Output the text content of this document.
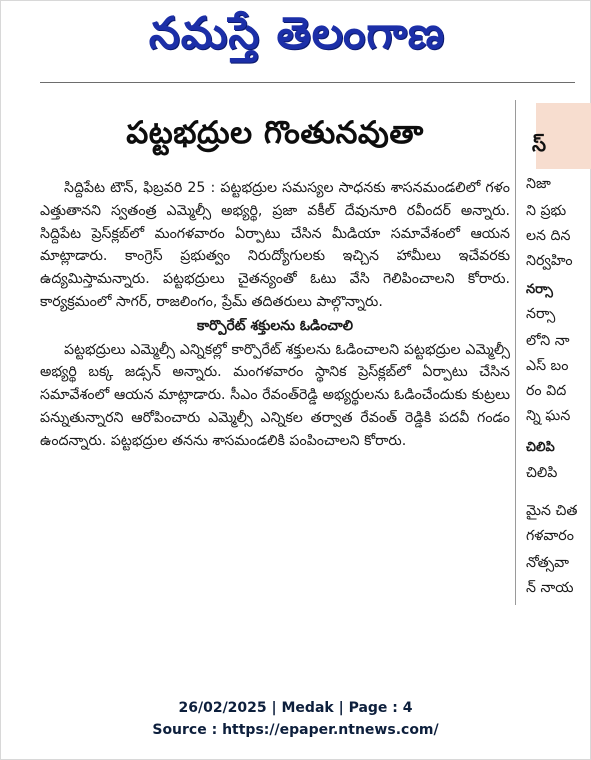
నమస్తే తెలంగాణ
పట్టభద్రుల గొంతునవుతా

సిద్దిపేట టౌన్, ఫిబ్రవరి 25 : పట్టభద్రుల సమస్యల సాధనకు శాసనమండలిలో గళం ఎత్తుతానని స్వతంత్ర ఎమ్మెల్సీ అభ్యర్థి, ప్రజా వకీల్ దేవునూరి రవీందర్ అన్నారు. సిద్దిపేట ప్రెస్‌క్లబ్‌లో మంగళవారం ఏర్పాటు చేసిన మీడియా సమావేశంలో ఆయన మాట్లాడారు. కాంగ్రెస్ ప్రభుత్వం నిరుద్యోగులకు ఇచ్చిన హామీలు ఇచేవరకు ఉద్యమిస్తామన్నారు. పట్టభద్రులు చైతన్యంతో ఓటు వేసి గెలిపించాలని కోరారు. కార్యక్రమంలో సాగర్, రాజలింగం, ప్రేమ్ తదితరులు పాల్గొన్నారు.

కార్పొరేట్ శక్తులను ఓడించాలి

పట్టభద్రులు ఎమ్మెల్సీ ఎన్నికల్లో కార్పొరేట్ శక్తులను ఓడించాలని పట్టభద్రుల ఎమ్మెల్సీ అభ్యర్థి బక్క జడ్సన్ అన్నారు. మంగళవారం స్థానిక ప్రెస్‌క్లబ్‌లో ఏర్పాటు చేసిన సమావేశంలో ఆయన మాట్లాడారు. సీఎం రేవంత్‌రెడ్డి అభ్యర్థులను ఓడించేందుకు కుట్రలు పన్నుతున్నారని ఆరోపించారు ఎమ్మెల్సీ ఎన్నికల తర్వాత రేవంత్ రెడ్డికి పదవీ గండం ఉందన్నారు. పట్టభద్రుల తనను శాసమండలికి పంపించాలని కోరారు.

స్
నిజా
ని ప్రభు
లన దిన
నిర్వహిం
నర్సా
నర్సా
లోని నా
ఎస్ బం
రం విద
న్ని ఘన
చిలిపి
చిలిపి
మైన చిత
గళవారం
నోత్సవా
న్ నాయ
26/02/2025 | Medak | Page : 4
Source : https://epaper.ntnews.com/
